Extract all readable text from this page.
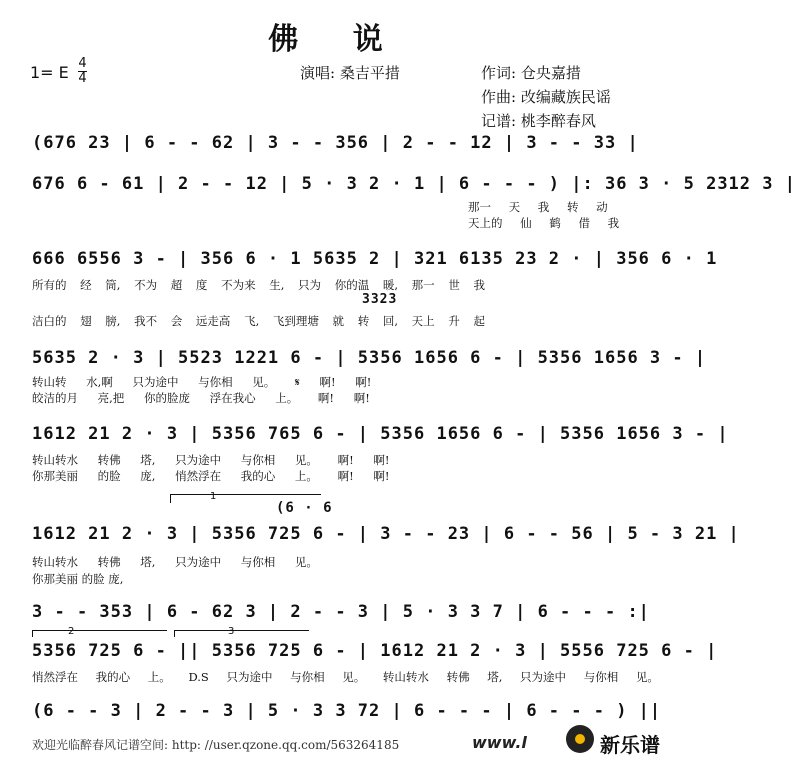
佛 说
1= E 4
4	演唱: 桑吉平措	作词: 仓央嘉措
作曲: 改编藏族民谣
记谱: 桃李醉春风
(676 23 | 6 - - 62 | 3 - - 356 | 2 - - 12 | 3 - - 33 |
676 6 - 61 | 2 - - 12 | 5 · 3 2 · 1 | 6 - - - ) |: 36 3 · 5 2312 3 |
那一 天 我 转 动
天上的 仙 鹤 借 我
666 6556 3 - | 356 6 · 1 5635 2 | 321 6135 23 2 · | 356 6 · 1
所有的 经 筒, 不为 超 度 不为来 生, 只为 你的温 暖, 那一 世 我
3323
洁白的 翅 膀, 我不 会 远走高 飞, 飞到理塘 就 转 回, 天上 升 起
5635 2 · 3 | 5523 1221 6 - | 5356 1656 6 - | 5356 1656 3 - |
转山转 水,啊 只为途中 与你相 见。 𝄋 啊! 啊!
皎洁的月 亮,把 你的脸庞 浮在我心 上。 啊! 啊!
1612 21 2 · 3 | 5356 765 6 - | 5356 1656 6 - | 5356 1656 3 - |
转山转水 转佛 塔, 只为途中 与你相 见。 啊! 啊!
你那美丽 的脸 庞, 悄然浮在 我的心 上。 啊! 啊!
1
(6 · 6
1612 21 2 · 3 | 5356 725 6 - | 3 - - 23 | 6 - - 56 | 5 - 3 21 |
转山转水 转佛 塔, 只为途中 与你相 见。
你那美丽 的脸 庞,
3 - - 353 | 6 - 62 3 | 2 - - 3 | 5 · 3 3 7 | 6 - - - :|
2	3
5356 725 6 - || 5356 725 6 - | 1612 21 2 · 3 | 5556 725 6 - |
悄然浮在 我的心 上。 D.S 只为途中 与你相 见。 转山转水 转佛 塔, 只为途中 与你相 见。
(6 - - 3 | 2 - - 3 | 5 · 3 3 72 | 6 - - - | 6 - - - ) ||
欢迎光临醉春风记谱空间: http: //user.qzone.qq.com/563264185	www.l	新乐谱
